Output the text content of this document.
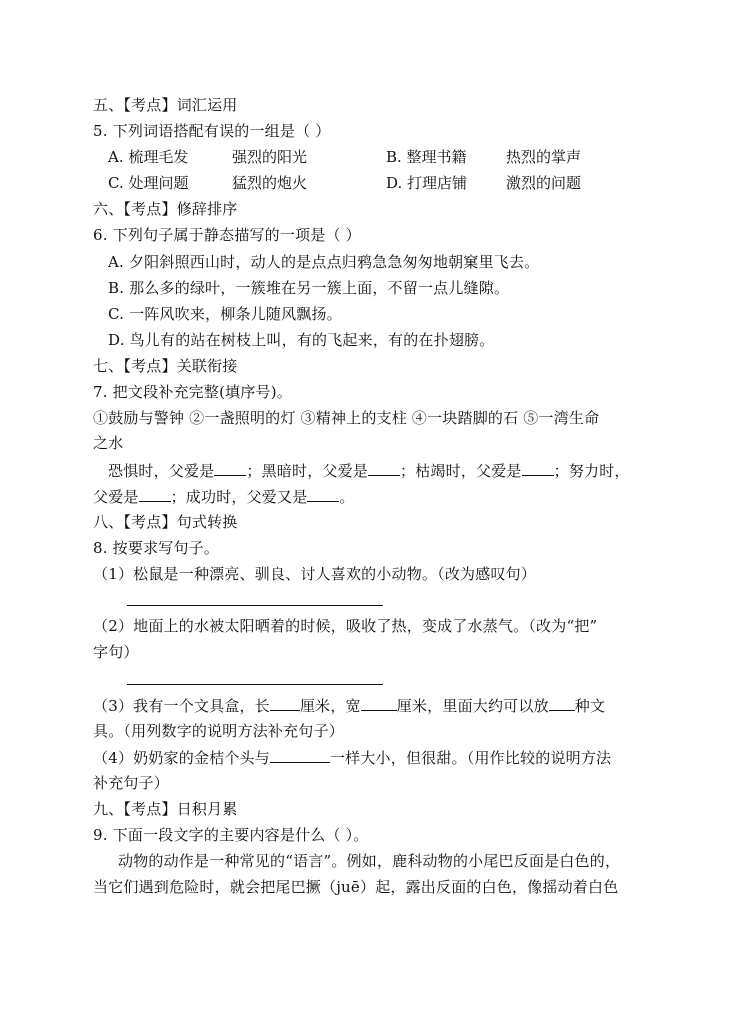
五、【考点】词汇运用
5. 下列词语搭配有误的一组是（ ）
A. 梳理毛发	强烈的阳光	B. 整理书籍	热烈的掌声
C. 处理问题	猛烈的炮火	D. 打理店铺	激烈的问题
六、【考点】修辞排序
6. 下列句子属于静态描写的一项是（ ）
A. 夕阳斜照西山时，动人的是点点归鸦急急匆匆地朝窠里飞去。
B. 那么多的绿叶，一簇堆在另一簇上面，不留一点儿缝隙。
C. 一阵风吹来，柳条儿随风飘扬。
D. 鸟儿有的站在树枝上叫，有的飞起来，有的在扑翅膀。
七、【考点】关联衔接
7. 把文段补充完整(填序号)。
①鼓励与警钟 ②一盏照明的灯 ③精神上的支柱 ④一块踏脚的石 ⑤一湾生命
之水
恐惧时，父爱是 ；黑暗时，父爱是 ；枯竭时，父爱是 ；努力时，
父爱是 ；成功时，父爱又是 。
八、【考点】句式转换
8. 按要求写句子。
（1）松鼠是一种漂亮、驯良、讨人喜欢的小动物。（改为感叹句）
（2）地面上的水被太阳晒着的时候，吸收了热，变成了水蒸气。（改为“把”
字句）
（3）我有一个文具盒，长 厘米，宽 厘米，里面大约可以放 种文
具。（用列数字的说明方法补充句子）
（4）奶奶家的金桔个头与	一样大小，但很甜。（用作比较的说明方法
补充句子）
九、【考点】日积月累
9. 下面一段文字的主要内容是什么（ ）。
动物的动作是一种常见的“语言”。例如，鹿科动物的小尾巴反面是白色的，
当它们遇到危险时，就会把尾巴撅（juē）起，露出反面的白色，像摇动着白色
